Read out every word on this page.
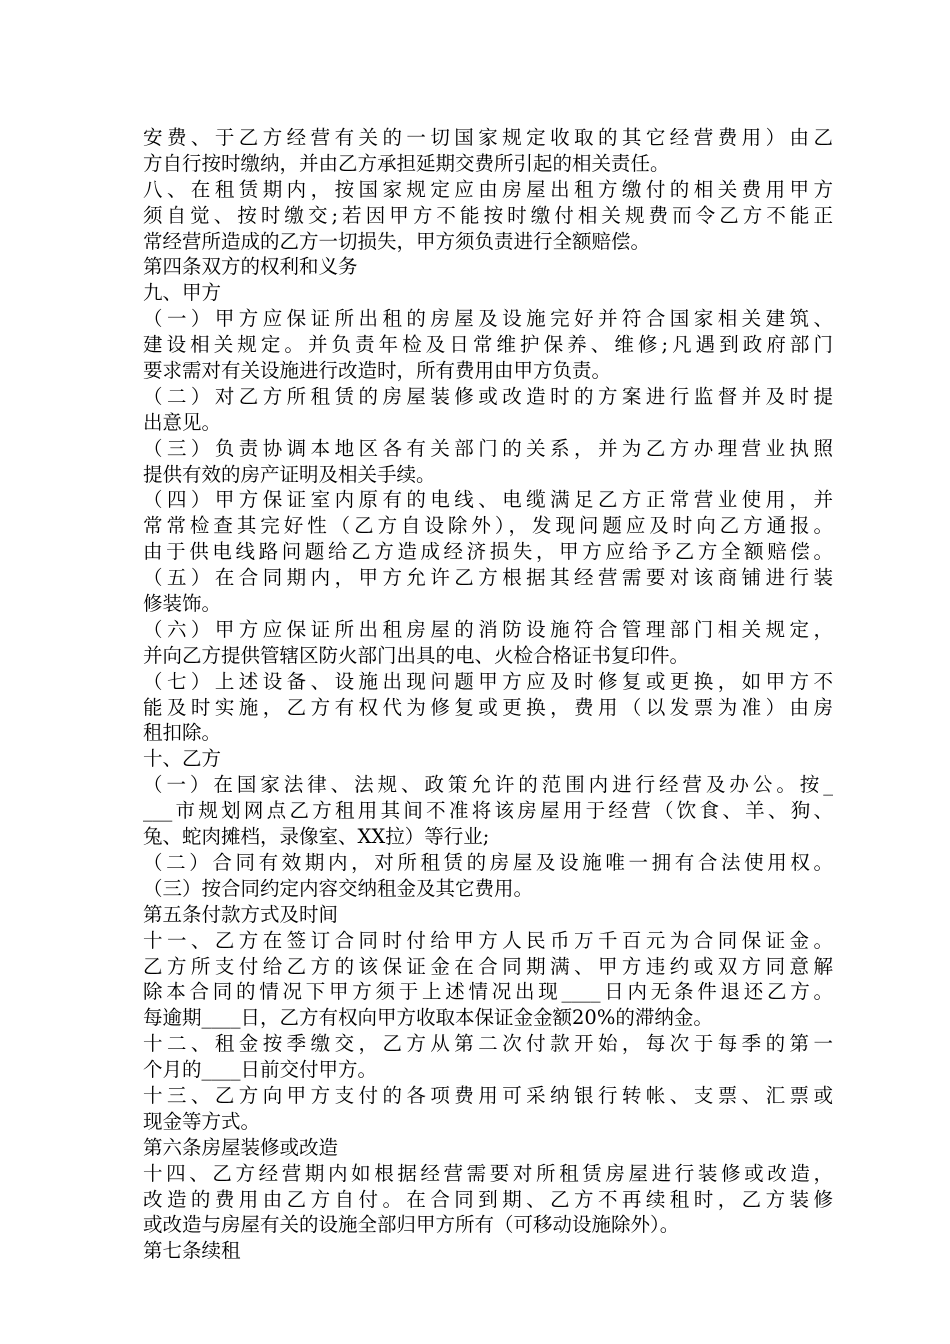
安费、于乙方经营有关的一切国家规定收取的其它经营费用）由乙
方自行按时缴纳，并由乙方承担延期交费所引起的相关责任。
八、在租赁期内，按国家规定应由房屋出租方缴付的相关费用甲方
须自觉、按时缴交;若因甲方不能按时缴付相关规费而令乙方不能正
常经营所造成的乙方一切损失，甲方须负责进行全额赔偿。
第四条双方的权利和义务
九、甲方
（一）甲方应保证所出租的房屋及设施完好并符合国家相关建筑、
建设相关规定。并负责年检及日常维护保养、维修;凡遇到政府部门
要求需对有关设施进行改造时，所有费用由甲方负责。
（二）对乙方所租赁的房屋装修或改造时的方案进行监督并及时提
出意见。
（三）负责协调本地区各有关部门的关系，并为乙方办理营业执照
提供有效的房产证明及相关手续。
（四）甲方保证室内原有的电线、电缆满足乙方正常营业使用，并
常常检查其完好性（乙方自设除外），发现问题应及时向乙方通报。
由于供电线路问题给乙方造成经济损失，甲方应给予乙方全额赔偿。
（五）在合同期内，甲方允许乙方根据其经营需要对该商铺进行装
修装饰。
（六）甲方应保证所出租房屋的消防设施符合管理部门相关规定，
并向乙方提供管辖区防火部门出具的电、火检合格证书复印件。
（七）上述设备、设施出现问题甲方应及时修复或更换，如甲方不
能及时实施，乙方有权代为修复或更换，费用（以发票为准）由房
租扣除。
十、乙方
（一）在国家法律、法规、政策允许的范围内进行经营及办公。按_
___市规划网点乙方租用其间不准将该房屋用于经营（饮食、羊、狗、
兔、蛇肉摊档，录像室、XX拉）等行业;
（二）合同有效期内，对所租赁的房屋及设施唯一拥有合法使用权。
（三）按合同约定内容交纳租金及其它费用。
第五条付款方式及时间
十一、乙方在签订合同时付给甲方人民币万千百元为合同保证金。
乙方所支付给乙方的该保证金在合同期满、甲方违约或双方同意解
除本合同的情况下甲方须于上述情况出现____日内无条件退还乙方。
每逾期____日，乙方有权向甲方收取本保证金金额20%的滞纳金。
十二、租金按季缴交，乙方从第二次付款开始，每次于每季的第一
个月的____日前交付甲方。
十三、乙方向甲方支付的各项费用可采纳银行转帐、支票、汇票或
现金等方式。
第六条房屋装修或改造
十四、乙方经营期内如根据经营需要对所租赁房屋进行装修或改造，
改造的费用由乙方自付。在合同到期、乙方不再续租时，乙方装修
或改造与房屋有关的设施全部归甲方所有（可移动设施除外）。
第七条续租
